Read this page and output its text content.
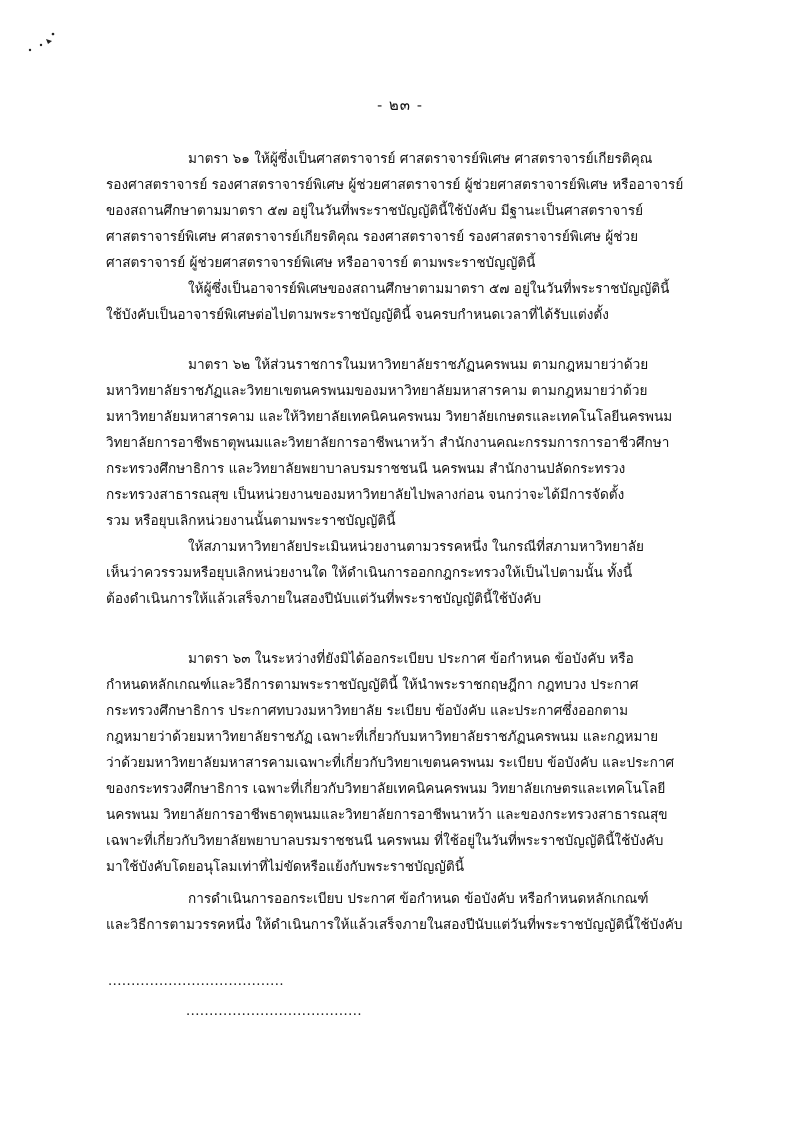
- ๒๓ -
มาตรา ๖๑ ให้ผู้ซึ่งเป็นศาสตราจารย์ ศาสตราจารย์พิเศษ ศาสตราจารย์เกียรติคุณ
รองศาสตราจารย์ รองศาสตราจารย์พิเศษ ผู้ช่วยศาสตราจารย์ ผู้ช่วยศาสตราจารย์พิเศษ หรืออาจารย์
ของสถานศึกษาตามมาตรา ๕๗ อยู่ในวันที่พระราชบัญญัตินี้ใช้บังคับ มีฐานะเป็นศาสตราจารย์
ศาสตราจารย์พิเศษ ศาสตราจารย์เกียรติคุณ รองศาสตราจารย์ รองศาสตราจารย์พิเศษ ผู้ช่วย
ศาสตราจารย์ ผู้ช่วยศาสตราจารย์พิเศษ หรืออาจารย์ ตามพระราชบัญญัตินี้
ให้ผู้ซึ่งเป็นอาจารย์พิเศษของสถานศึกษาตามมาตรา ๕๗ อยู่ในวันที่พระราชบัญญัตินี้
ใช้บังคับเป็นอาจารย์พิเศษต่อไปตามพระราชบัญญัตินี้ จนครบกำหนดเวลาที่ได้รับแต่งตั้ง
มาตรา ๖๒ ให้ส่วนราชการในมหาวิทยาลัยราชภัฏนครพนม ตามกฎหมายว่าด้วย
มหาวิทยาลัยราชภัฏและวิทยาเขตนครพนมของมหาวิทยาลัยมหาสารคาม ตามกฎหมายว่าด้วย
มหาวิทยาลัยมหาสารคาม และให้วิทยาลัยเทคนิคนครพนม วิทยาลัยเกษตรและเทคโนโลยีนครพนม
วิทยาลัยการอาชีพธาตุพนมและวิทยาลัยการอาชีพนาหว้า สำนักงานคณะกรรมการการอาชีวศึกษา
กระทรวงศึกษาธิการ และวิทยาลัยพยาบาลบรมราชชนนี นครพนม สำนักงานปลัดกระทรวง
กระทรวงสาธารณสุข เป็นหน่วยงานของมหาวิทยาลัยไปพลางก่อน จนกว่าจะได้มีการจัดตั้ง
รวม หรือยุบเลิกหน่วยงานนั้นตามพระราชบัญญัตินี้
ให้สภามหาวิทยาลัยประเมินหน่วยงานตามวรรคหนึ่ง ในกรณีที่สภามหาวิทยาลัย
เห็นว่าควรรวมหรือยุบเลิกหน่วยงานใด ให้ดำเนินการออกกฎกระทรวงให้เป็นไปตามนั้น ทั้งนี้
ต้องดำเนินการให้แล้วเสร็จภายในสองปีนับแต่วันที่พระราชบัญญัตินี้ใช้บังคับ
มาตรา ๖๓ ในระหว่างที่ยังมิได้ออกระเบียบ ประกาศ ข้อกำหนด ข้อบังคับ หรือ
กำหนดหลักเกณฑ์และวิธีการตามพระราชบัญญัตินี้ ให้นำพระราชกฤษฎีกา กฎทบวง ประกาศ
กระทรวงศึกษาธิการ ประกาศทบวงมหาวิทยาลัย ระเบียบ ข้อบังคับ และประกาศซึ่งออกตาม
กฎหมายว่าด้วยมหาวิทยาลัยราชภัฏ เฉพาะที่เกี่ยวกับมหาวิทยาลัยราชภัฏนครพนม และกฎหมาย
ว่าด้วยมหาวิทยาลัยมหาสารคามเฉพาะที่เกี่ยวกับวิทยาเขตนครพนม ระเบียบ ข้อบังคับ และประกาศ
ของกระทรวงศึกษาธิการ เฉพาะที่เกี่ยวกับวิทยาลัยเทคนิคนครพนม วิทยาลัยเกษตรและเทคโนโลยี
นครพนม วิทยาลัยการอาชีพธาตุพนมและวิทยาลัยการอาชีพนาหว้า และของกระทรวงสาธารณสุข
เฉพาะที่เกี่ยวกับวิทยาลัยพยาบาลบรมราชชนนี นครพนม ที่ใช้อยู่ในวันที่พระราชบัญญัตินี้ใช้บังคับ
มาใช้บังคับโดยอนุโลมเท่าที่ไม่ขัดหรือแย้งกับพระราชบัญญัตินี้
การดำเนินการออกระเบียบ ประกาศ ข้อกำหนด ข้อบังคับ หรือกำหนดหลักเกณฑ์
และวิธีการตามวรรคหนึ่ง ให้ดำเนินการให้แล้วเสร็จภายในสองปีนับแต่วันที่พระราชบัญญัตินี้ใช้บังคับ
......................................
......................................
